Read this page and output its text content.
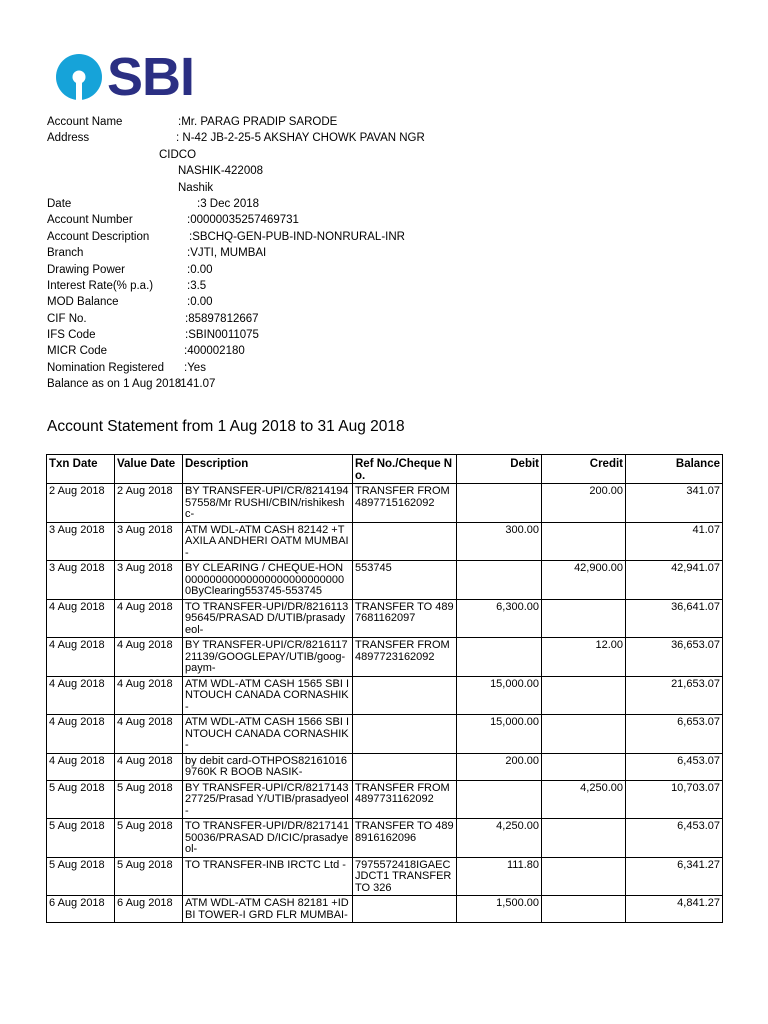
SBI
Account Name	:Mr. PARAG PRADIP SARODE
Address	: N-42 JB-2-25-5 AKSHAY CHOWK PAVAN NGR
CIDCO
NASHIK-422008
Nashik
Date	:3 Dec 2018
Account Number	:00000035257469731
Account Description	:SBCHQ-GEN-PUB-IND-NONRURAL-INR
Branch	:VJTI, MUMBAI
Drawing Power	:0.00
Interest Rate(% p.a.)	:3.5
MOD Balance	:0.00
CIF No.	:85897812667
IFS Code	:SBIN0011075
MICR Code	:400002180
Nomination Registered :Yes
Balance as on 1 Aug 2018
:141.07
Account Statement from 1 Aug 2018 to 31 Aug 2018
Txn Date	Value Date	Description	Ref No./Cheque No.	Debit	Credit	Balance
2 Aug 2018	2 Aug 2018	BY TRANSFER-UPI/CR/821419457558/Mr RUSHI/CBIN/rishikeshc-	TRANSFER FROM 4897715162092		200.00	341.07
3 Aug 2018	3 Aug 2018	ATM WDL-ATM CASH 82142 +TAXILA ANDHERI OATM MUMBAI-		300.00		41.07
3 Aug 2018	3 Aug 2018	BY CLEARING / CHEQUE-HON 000000000000000000000000000ByClearing553745-553745	553745		42,900.00	42,941.07
4 Aug 2018	4 Aug 2018	TO TRANSFER-UPI/DR/821611395645/PRASAD D/UTIB/prasadyeol-	TRANSFER TO 4897681162097	6,300.00		36,641.07
4 Aug 2018	4 Aug 2018	BY TRANSFER-UPI/CR/821611721139/GOOGLEPAY/UTIB/goog-paym-	TRANSFER FROM 4897723162092		12.00	36,653.07
4 Aug 2018	4 Aug 2018	ATM WDL-ATM CASH 1565 SBI INTOUCH CANADA CORNASHIK-		15,000.00		21,653.07
4 Aug 2018	4 Aug 2018	ATM WDL-ATM CASH 1566 SBI INTOUCH CANADA CORNASHIK-		15,000.00		6,653.07
4 Aug 2018	4 Aug 2018	by debit card-OTHPOS821610169760K R BOOB NASIK-		200.00		6,453.07
5 Aug 2018	5 Aug 2018	BY TRANSFER-UPI/CR/821714327725/Prasad Y/UTIB/prasadyeol-	TRANSFER FROM 4897731162092		4,250.00	10,703.07
5 Aug 2018	5 Aug 2018	TO TRANSFER-UPI/DR/821714150036/PRASAD D/ICIC/prasadyeol-	TRANSFER TO 4898916162096	4,250.00		6,453.07
5 Aug 2018	5 Aug 2018	TO TRANSFER-INB IRCTC Ltd -	7975572418IGAECJDCT1 TRANSFER TO 326	111.80		6,341.27
6 Aug 2018	6 Aug 2018	ATM WDL-ATM CASH 82181 +IDBI TOWER-I GRD FLR MUMBAI-		1,500.00		4,841.27
